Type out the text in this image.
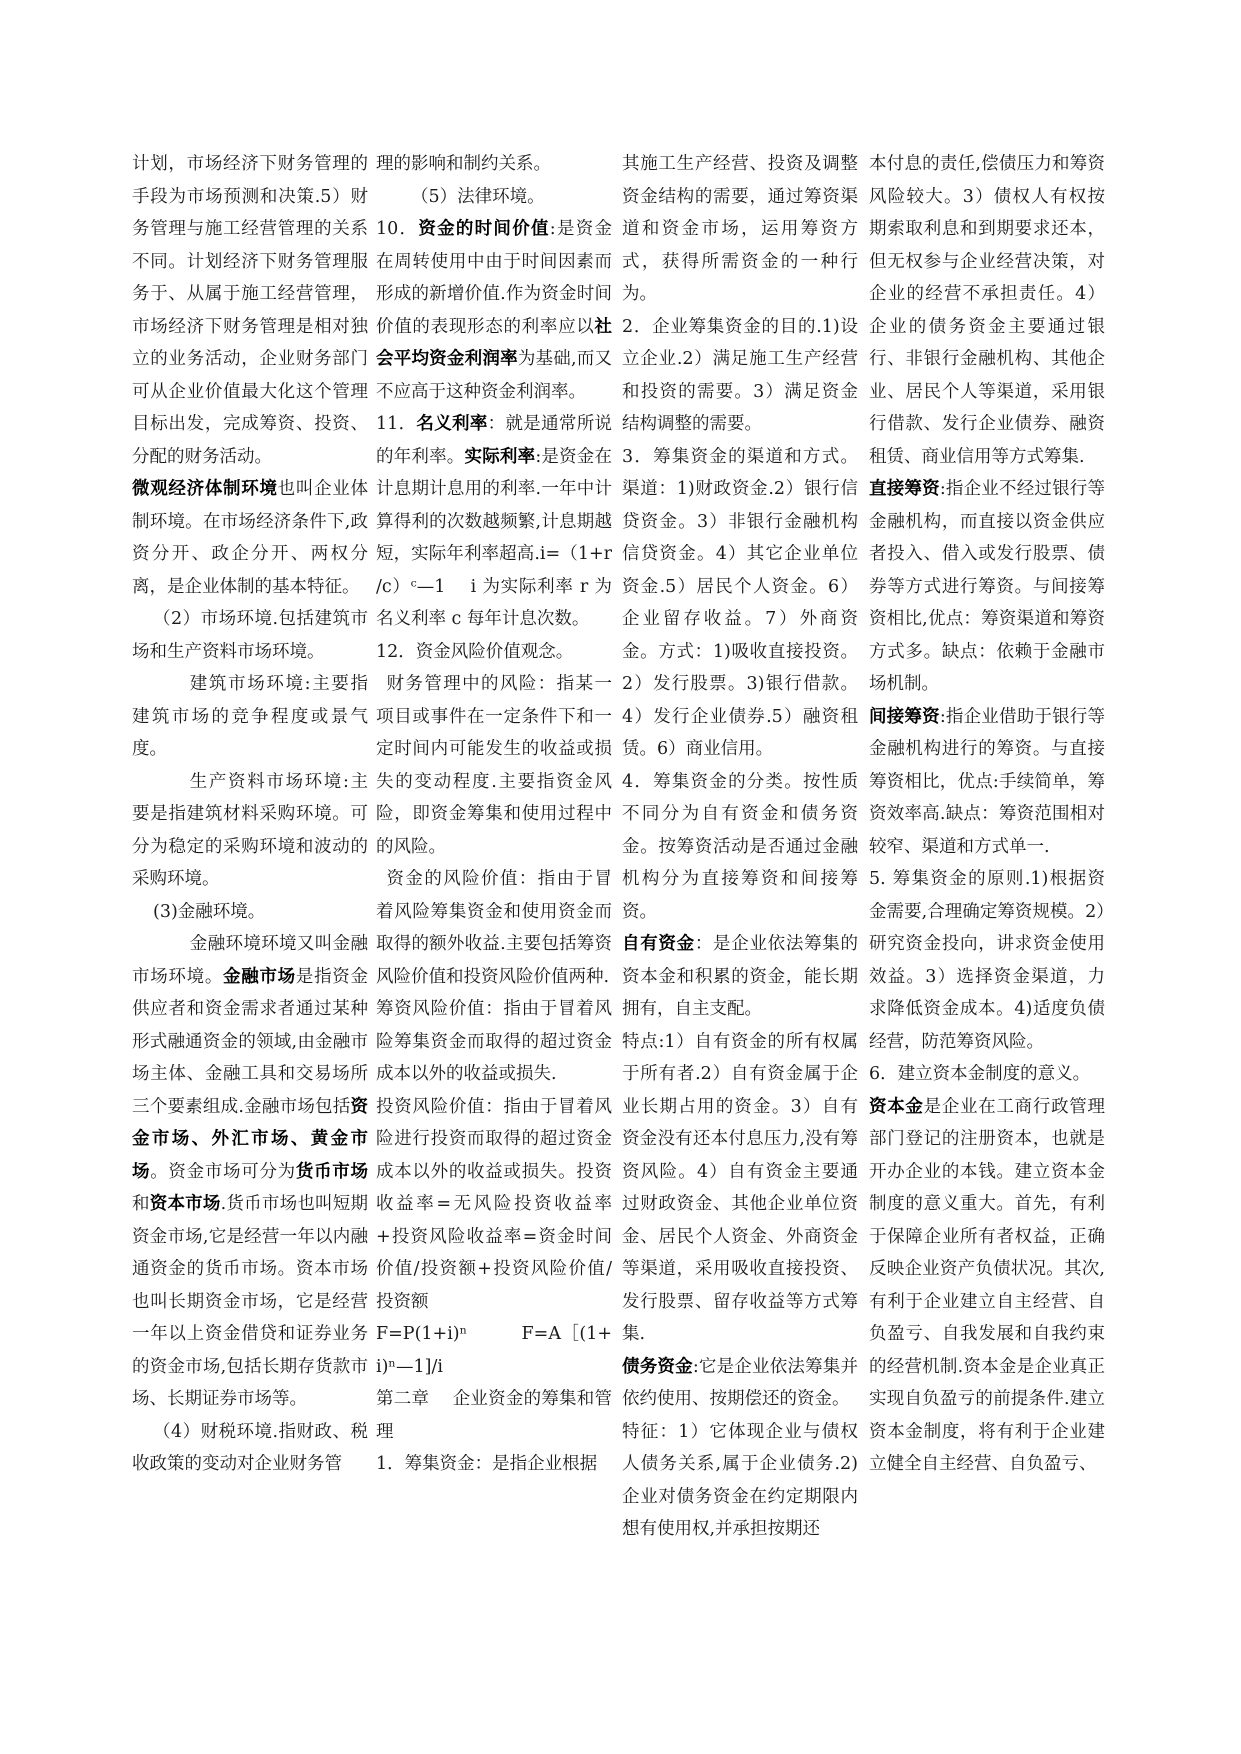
计划，市场经济下财务管理的手段为市场预测和决策.5）财务管理与施工经营管理的关系不同。计划经济下财务管理服务于、从属于施工经营管理，市场经济下财务管理是相对独立的业务活动，企业财务部门可从企业价值最大化这个管理目标出发，完成筹资、投资、分配的财务活动。

微观经济体制环境也叫企业体制环境。在市场经济条件下,政资分开、政企分开、两权分离，是企业体制的基本特征。

（2）市场环境.包括建筑市场和生产资料市场环境。

建筑市场环境:主要指建筑市场的竞争程度或景气度。

生产资料市场环境:主要是指建筑材料采购环境。可分为稳定的采购环境和波动的采购环境。

(3)金融环境。

金融环境环境又叫金融市场环境。金融市场是指资金供应者和资金需求者通过某种形式融通资金的领域,由金融市场主体、金融工具和交易场所三个要素组成.金融市场包括资金市场、外汇市场、黄金市场。资金市场可分为货币市场和资本市场.货币市场也叫短期资金市场,它是经营一年以内融通资金的货币市场。资本市场也叫长期资金市场，它是经营一年以上资金借贷和证券业务的资金市场,包括长期存货款市场、长期证券市场等。

（4）财税环境.指财政、税收政策的变动对企业财务管

理的影响和制约关系。

（5）法律环境。

10．资金的时间价值:是资金在周转使用中由于时间因素而形成的新增价值.作为资金时间价值的表现形态的利率应以社会平均资金利润率为基础,而又不应高于这种资金利润率。

11．名义利率：就是通常所说的年利率。实际利率:是资金在计息期计息用的利率.一年中计算得利的次数越频繁,计息期越短，实际年利率超高.i=（1+r /c）ᶜ—1　 i 为实际利率 r 为名义利率 c 每年计息次数。

12．资金风险价值观念。

财务管理中的风险：指某一项目或事件在一定条件下和一定时间内可能发生的收益或损失的变动程度.主要指资金风险，即资金筹集和使用过程中的风险。

资金的风险价值：指由于冒着风险筹集资金和使用资金而取得的额外收益.主要包括筹资风险价值和投资风险价值两种.

筹资风险价值：指由于冒着风险筹集资金而取得的超过资金成本以外的收益或损失.

投资风险价值：指由于冒着风险进行投资而取得的超过资金成本以外的收益或损失。投资收益率=无风险投资收益率+投资风险收益率=资金时间价值/投资额+投资风险价值/投资额

F=P(1+i)ⁿ　　　F=A［(1+i)ⁿ—1]/i

第二章　 企业资金的筹集和管理

1．筹集资金：是指企业根据

其施工生产经营、投资及调整资金结构的需要，通过筹资渠道和资金市场，运用筹资方式，获得所需资金的一种行为。

2．企业筹集资金的目的.1)设立企业.2）满足施工生产经营和投资的需要。3）满足资金结构调整的需要。

3．筹集资金的渠道和方式。渠道：1)财政资金.2）银行信贷资金。3）非银行金融机构信贷资金。4）其它企业单位资金.5）居民个人资金。6）企业留存收益。7）外商资金。方式：1)吸收直接投资。2）发行股票。3)银行借款。4）发行企业债券.5）融资租赁。6）商业信用。

4．筹集资金的分类。按性质不同分为自有资金和债务资金。按筹资活动是否通过金融机构分为直接筹资和间接筹资。

自有资金：是企业依法筹集的资本金和积累的资金，能长期拥有，自主支配。

特点:1）自有资金的所有权属于所有者.2）自有资金属于企业长期占用的资金。3）自有资金没有还本付息压力,没有筹资风险。4）自有资金主要通过财政资金、其他企业单位资金、居民个人资金、外商资金等渠道，采用吸收直接投资、发行股票、留存收益等方式筹集.

债务资金:它是企业依法筹集并依约使用、按期偿还的资金。

特征：1）它体现企业与债权人债务关系,属于企业债务.2)企业对债务资金在约定期限内想有使用权,并承担按期还

本付息的责任,偿债压力和筹资风险较大。3）债权人有权按期索取利息和到期要求还本，但无权参与企业经营决策，对企业的经营不承担责任。4）企业的债务资金主要通过银行、非银行金融机构、其他企业、居民个人等渠道，采用银行借款、发行企业债券、融资租赁、商业信用等方式筹集.

直接筹资:指企业不经过银行等金融机构，而直接以资金供应者投入、借入或发行股票、债券等方式进行筹资。与间接筹资相比,优点：筹资渠道和筹资方式多。缺点：依赖于金融市场机制。

间接筹资:指企业借助于银行等金融机构进行的筹资。与直接筹资相比，优点:手续简单，筹资效率高.缺点：筹资范围相对较窄、渠道和方式单一.

5. 筹集资金的原则.1)根据资金需要,合理确定筹资规模。2）研究资金投向，讲求资金使用效益。3）选择资金渠道，力求降低资金成本。4)适度负债经营，防范筹资风险。

6．建立资本金制度的意义。

资本金是企业在工商行政管理部门登记的注册资本，也就是开办企业的本钱。建立资本金制度的意义重大。首先，有利于保障企业所有者权益，正确反映企业资产负债状况。其次,有利于企业建立自主经营、自负盈亏、自我发展和自我约束的经营机制.资本金是企业真正实现自负盈亏的前提条件.建立资本金制度，将有利于企业建立健全自主经营、自负盈亏、
